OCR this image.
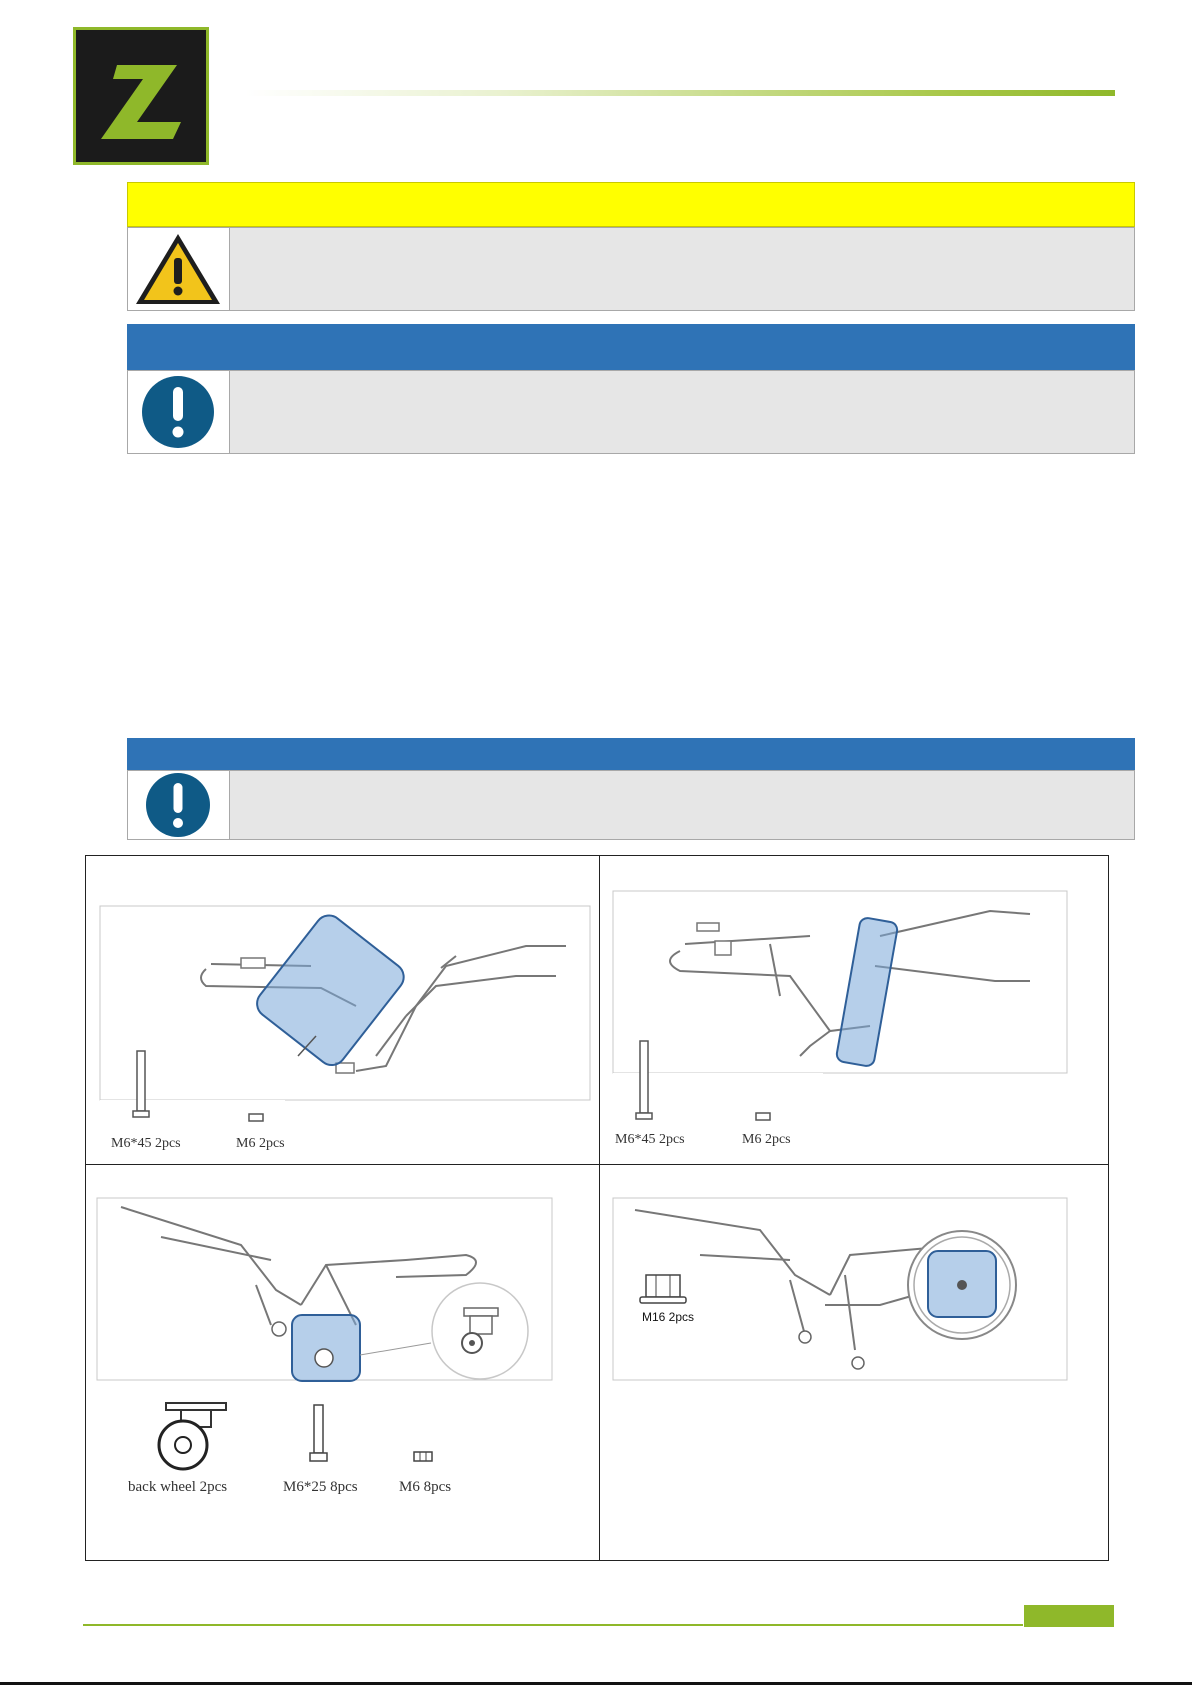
M6*45 2pcs	M6 2pcs	M6*45 2pcs	M6 2pcs
back wheel 2pcs	M6*25 8pcs	M6 8pcs
M16 2pcs
